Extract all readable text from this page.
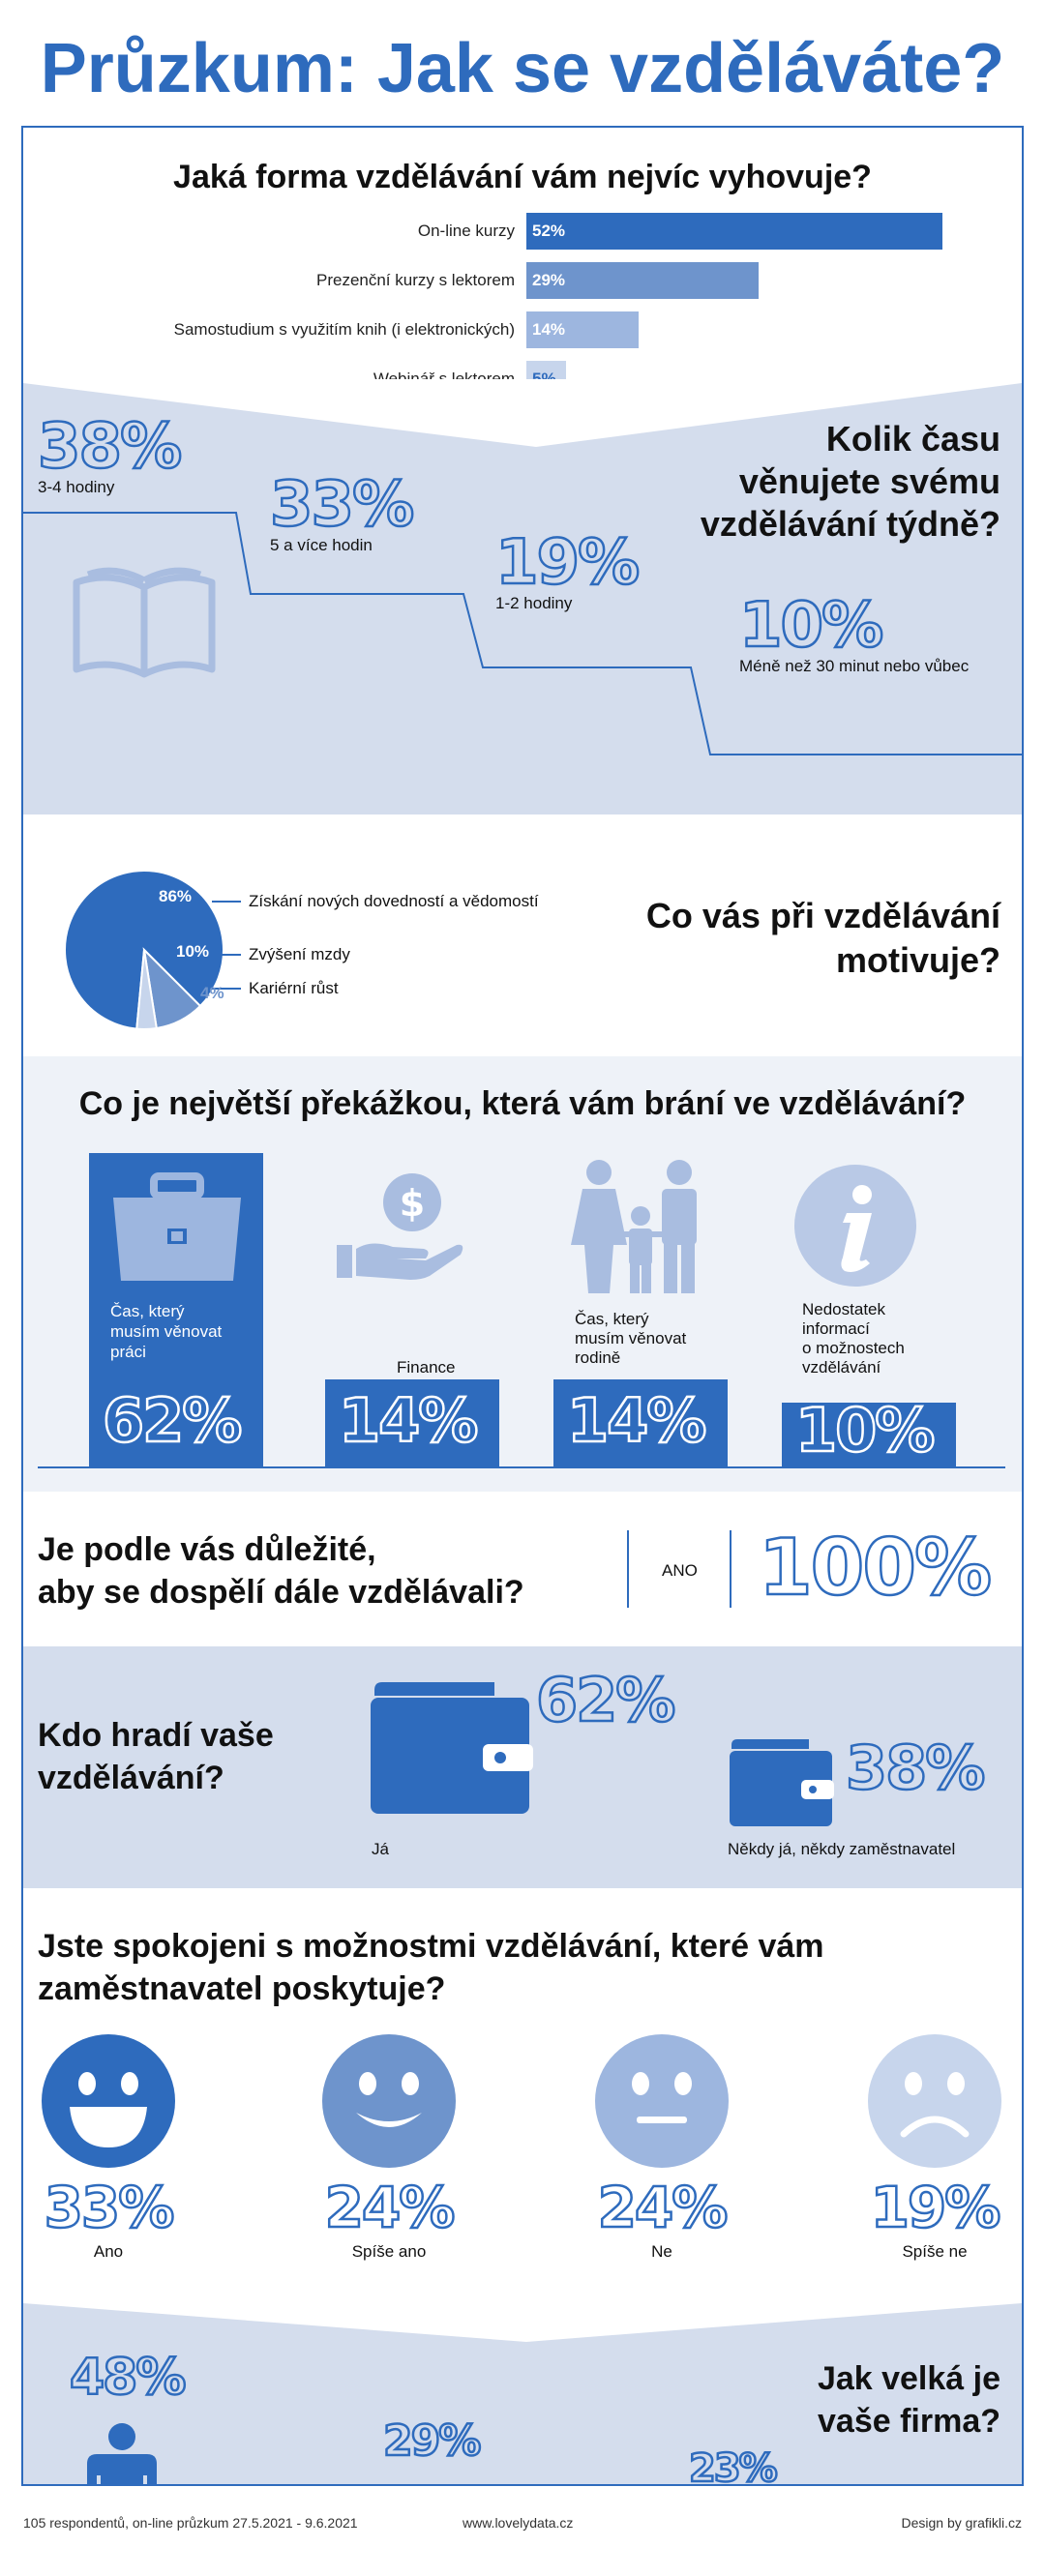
Průzkum: Jak se vzděláváte?
Jaká forma vzdělávání vám nejvíc vyhovuje?
On-line kurzy	52%
Prezenční kurzy s lektorem	29%
Samostudium s využitím knih (i elektronických)	14%
38%
3-4 hodiny	33%
5 a více hodin	19%
1-2 hodiny	10%
Méně než 30 minut nebo vůbec
Kolik času
věnujete svému
vzdělávání týdně?
86%
10%
4%
Získání nových dovedností a vědomostí
Zvýšení mzdy
Kariérní růst
Co vás při vzdělávání
motivuje?
Co je největší překážkou, která vám brání ve vzdělávání?
Čas, který
musím věnovat
práci
62%
$
Finance
14%
Čas, který
musím věnovat
rodině
14%
Nedostatek
informací
o možnostech
vzdělávání
10%
Je podle vás důležité,
aby se dospělí dále vzdělávali?
ANO 100%
Kdo hradí vaše
vzdělávání?
62%
Já
38%
Někdy já, někdy zaměstnavatel
Jste spokojeni s možnostmi vzdělávání, které vám
zaměstnavatel poskytuje?
33%
Ano
24%
Spíše ano
24%
Ne
19%
Spíše ne
Jak velká je
vaše firma?
48%
29%
23%
105 respondentů, on-line průzkum 27.5.2021 - 9.6.2021	www.lovelydata.cz	Design by grafikli.cz
